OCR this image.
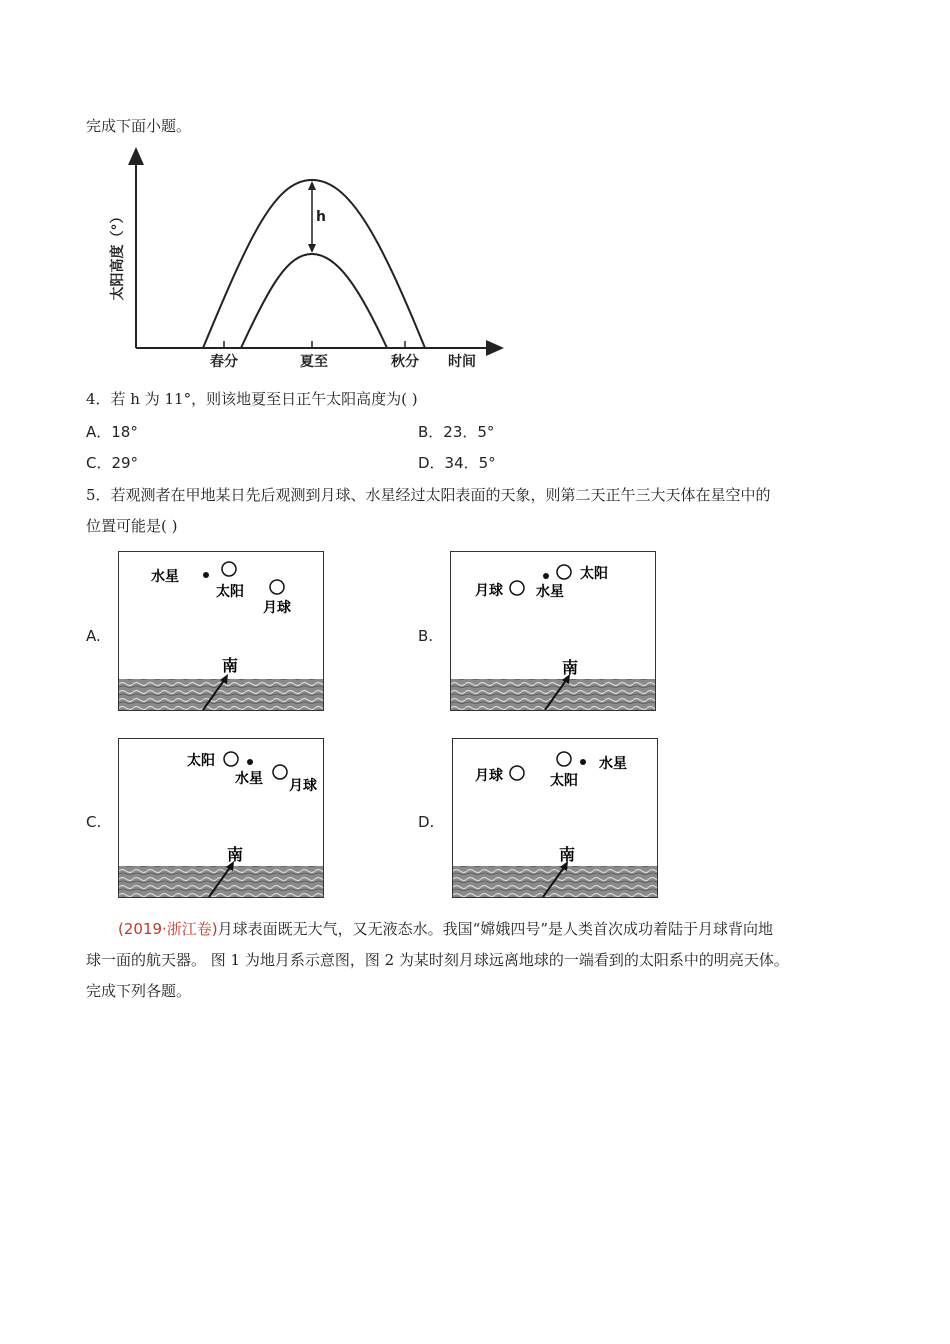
完成下面小题。
h
太阳高度（°）
春分	夏至	秋分 时间
4．若 h 为 11°，则该地夏至日正午太阳高度为( )
A．18°	B．23．5°
C．29°	D．34．5°
5．若观测者在甲地某日先后观测到月球、水星经过太阳表面的天象，则第二天正午三大天体在星空中的
位置可能是( )
A.	B.
C.	D.
水星
太阳
月球
南
月球 水星
太阳
南
太阳
水星 月球
南
月球	太阳
水星
南
(2019·浙江卷)月球表面既无大气，又无液态水。我国“嫦娥四号”是人类首次成功着陆于月球背向地
球一面的航天器。 图 1 为地月系示意图，图 2 为某时刻月球远离地球的一端看到的太阳系中的明亮天体。
完成下列各题。
